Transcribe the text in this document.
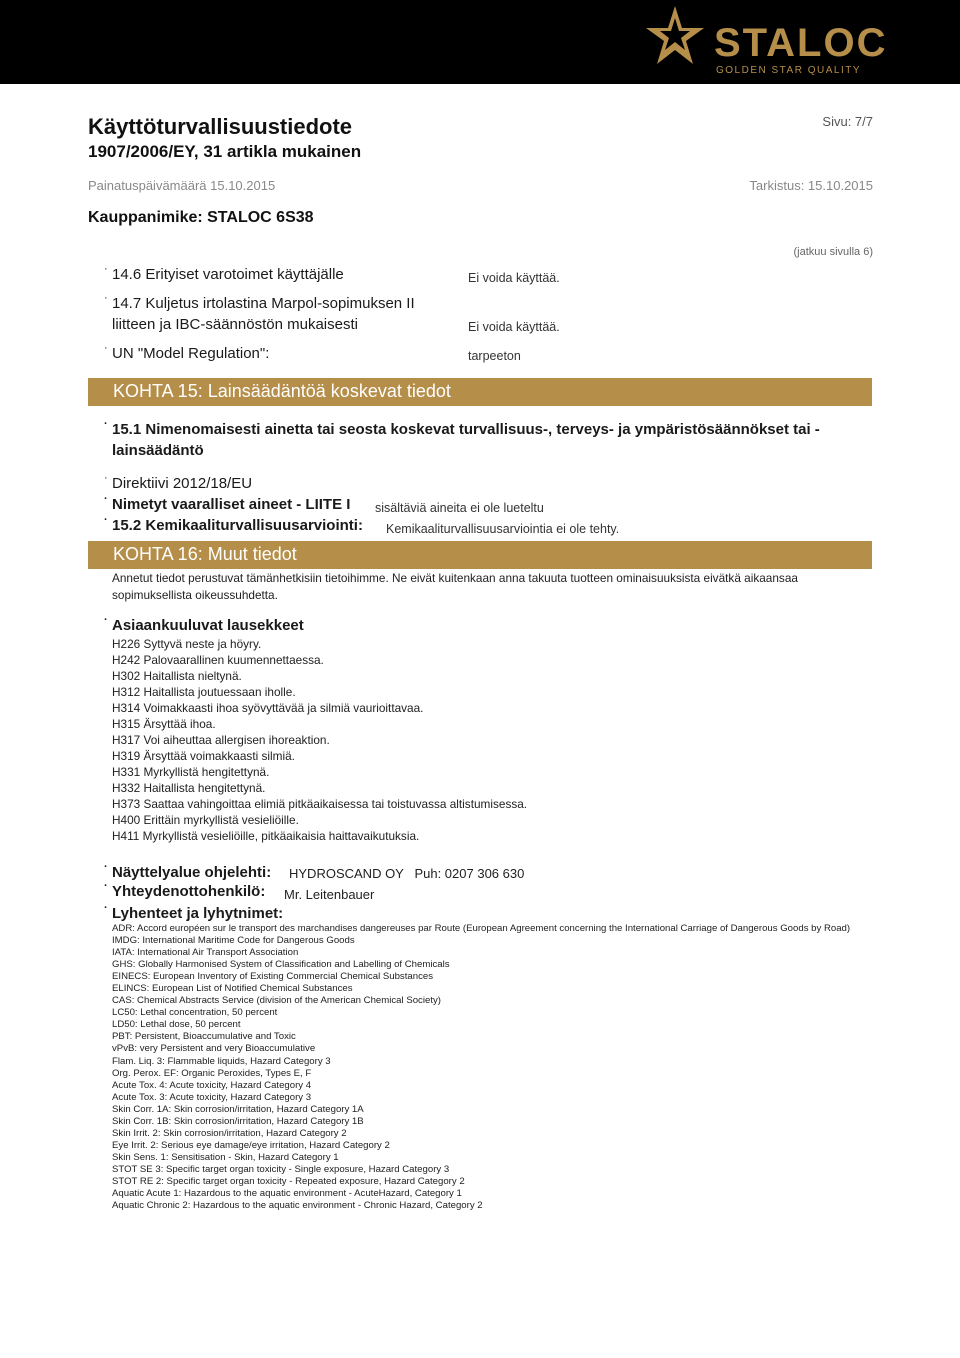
STALOC
GOLDEN STAR QUALITY
Käyttöturvallisuustiedote
1907/2006/EY, 31 artikla mukainen
Sivu: 7/7
Painatuspäivämäärä 15.10.2015	Tarkistus: 15.10.2015
Kauppanimike: STALOC 6S38
(jatkuu sivulla 6)
· 14.6 Erityiset varotoimet käyttäjälle	Ei voida käyttää.
· 14.7 Kuljetus irtolastina Marpol-sopimuksen II
liitteen ja IBC-säännöstön mukaisesti	Ei voida käyttää.
· UN "Model Regulation":	tarpeeton
KOHTA 15: Lainsäädäntöä koskevat tiedot
· 15.1 Nimenomaisesti ainetta tai seosta koskevat turvallisuus-, terveys- ja ympäristösäännökset tai -
lainsäädäntö
· Direktiivi 2012/18/EU
· Nimetyt vaaralliset aineet - LIITE I sisältäviä aineita ei ole lueteltu
· 15.2 Kemikaaliturvallisuusarviointi: Kemikaaliturvallisuusarviointia ei ole tehty.
KOHTA 16: Muut tiedot
Annetut tiedot perustuvat tämänhetkisiin tietoihimme. Ne eivät kuitenkaan anna takuuta tuotteen ominaisuuksista eivätkä aikaansaa
sopimuksellista oikeussuhdetta.
· Asiaankuuluvat lausekkeet
H226 Syttyvä neste ja höyry.
H242 Palovaarallinen kuumennettaessa.
H302 Haitallista nieltynä.
H312 Haitallista joutuessaan iholle.
H314 Voimakkaasti ihoa syövyttävää ja silmiä vaurioittavaa.
H315 Ärsyttää ihoa.
H317 Voi aiheuttaa allergisen ihoreaktion.
H319 Ärsyttää voimakkaasti silmiä.
H331 Myrkyllistä hengitettynä.
H332 Haitallista hengitettynä.
H373 Saattaa vahingoittaa elimiä pitkäaikaisessa tai toistuvassa altistumisessa.
H400 Erittäin myrkyllistä vesieliöille.
H411 Myrkyllistä vesieliöille, pitkäaikaisia haittavaikutuksia.
· Näyttelyalue ohjelehti: HYDROSCAND OY   Puh: 0207 306 630
· Yhteydenottohenkilö: Mr. Leitenbauer
· Lyhenteet ja lyhytnimet:
ADR: Accord européen sur le transport des marchandises dangereuses par Route (European Agreement concerning the International Carriage of Dangerous Goods by Road)
IMDG: International Maritime Code for Dangerous Goods
IATA: International Air Transport Association
GHS: Globally Harmonised System of Classification and Labelling of Chemicals
EINECS: European Inventory of Existing Commercial Chemical Substances
ELINCS: European List of Notified Chemical Substances
CAS: Chemical Abstracts Service (division of the American Chemical Society)
LC50: Lethal concentration, 50 percent
LD50: Lethal dose, 50 percent
PBT: Persistent, Bioaccumulative and Toxic
vPvB: very Persistent and very Bioaccumulative
Flam. Liq. 3: Flammable liquids, Hazard Category 3
Org. Perox. EF: Organic Peroxides, Types E, F
Acute Tox. 4: Acute toxicity, Hazard Category 4
Acute Tox. 3: Acute toxicity, Hazard Category 3
Skin Corr. 1A: Skin corrosion/irritation, Hazard Category 1A
Skin Corr. 1B: Skin corrosion/irritation, Hazard Category 1B
Skin Irrit. 2: Skin corrosion/irritation, Hazard Category 2
Eye Irrit. 2: Serious eye damage/eye irritation, Hazard Category 2
Skin Sens. 1: Sensitisation - Skin, Hazard Category 1
STOT SE 3: Specific target organ toxicity - Single exposure, Hazard Category 3
STOT RE 2: Specific target organ toxicity - Repeated exposure, Hazard Category 2
Aquatic Acute 1: Hazardous to the aquatic environment - AcuteHazard, Category 1
Aquatic Chronic 2: Hazardous to the aquatic environment - Chronic Hazard, Category 2
